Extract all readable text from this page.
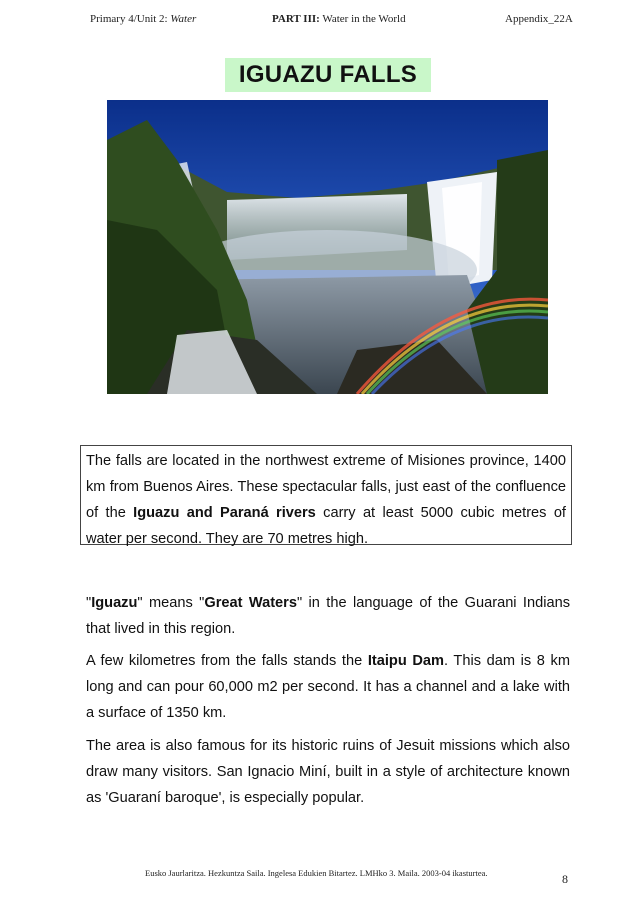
Primary 4/Unit 2: Water	PART III: Water in the World	Appendix_22A
IGUAZU FALLS
The falls are located in the northwest extreme of Misiones province, 1400 km from Buenos Aires. These spectacular falls, just east of the confluence of the Iguazu and Paraná rivers carry at least 5000 cubic metres of water per second. They are 70 metres high.
"Iguazu" means "Great Waters" in the language of the Guarani Indians that lived in this region.
A few kilometres from the falls stands the Itaipu Dam. This dam is 8 km long and can pour 60,000 m2 per second. It has a channel and a lake with a surface of 1350 km.
The area is also famous for its historic ruins of Jesuit missions which also draw many visitors. San Ignacio Miní, built in a style of architecture known as 'Guaraní baroque', is especially popular.
Eusko Jaurlaritza. Hezkuntza Saila. Ingelesa Edukien Bitartez. LMHko 3. Maila. 2003-04 ikasturtea.	8
